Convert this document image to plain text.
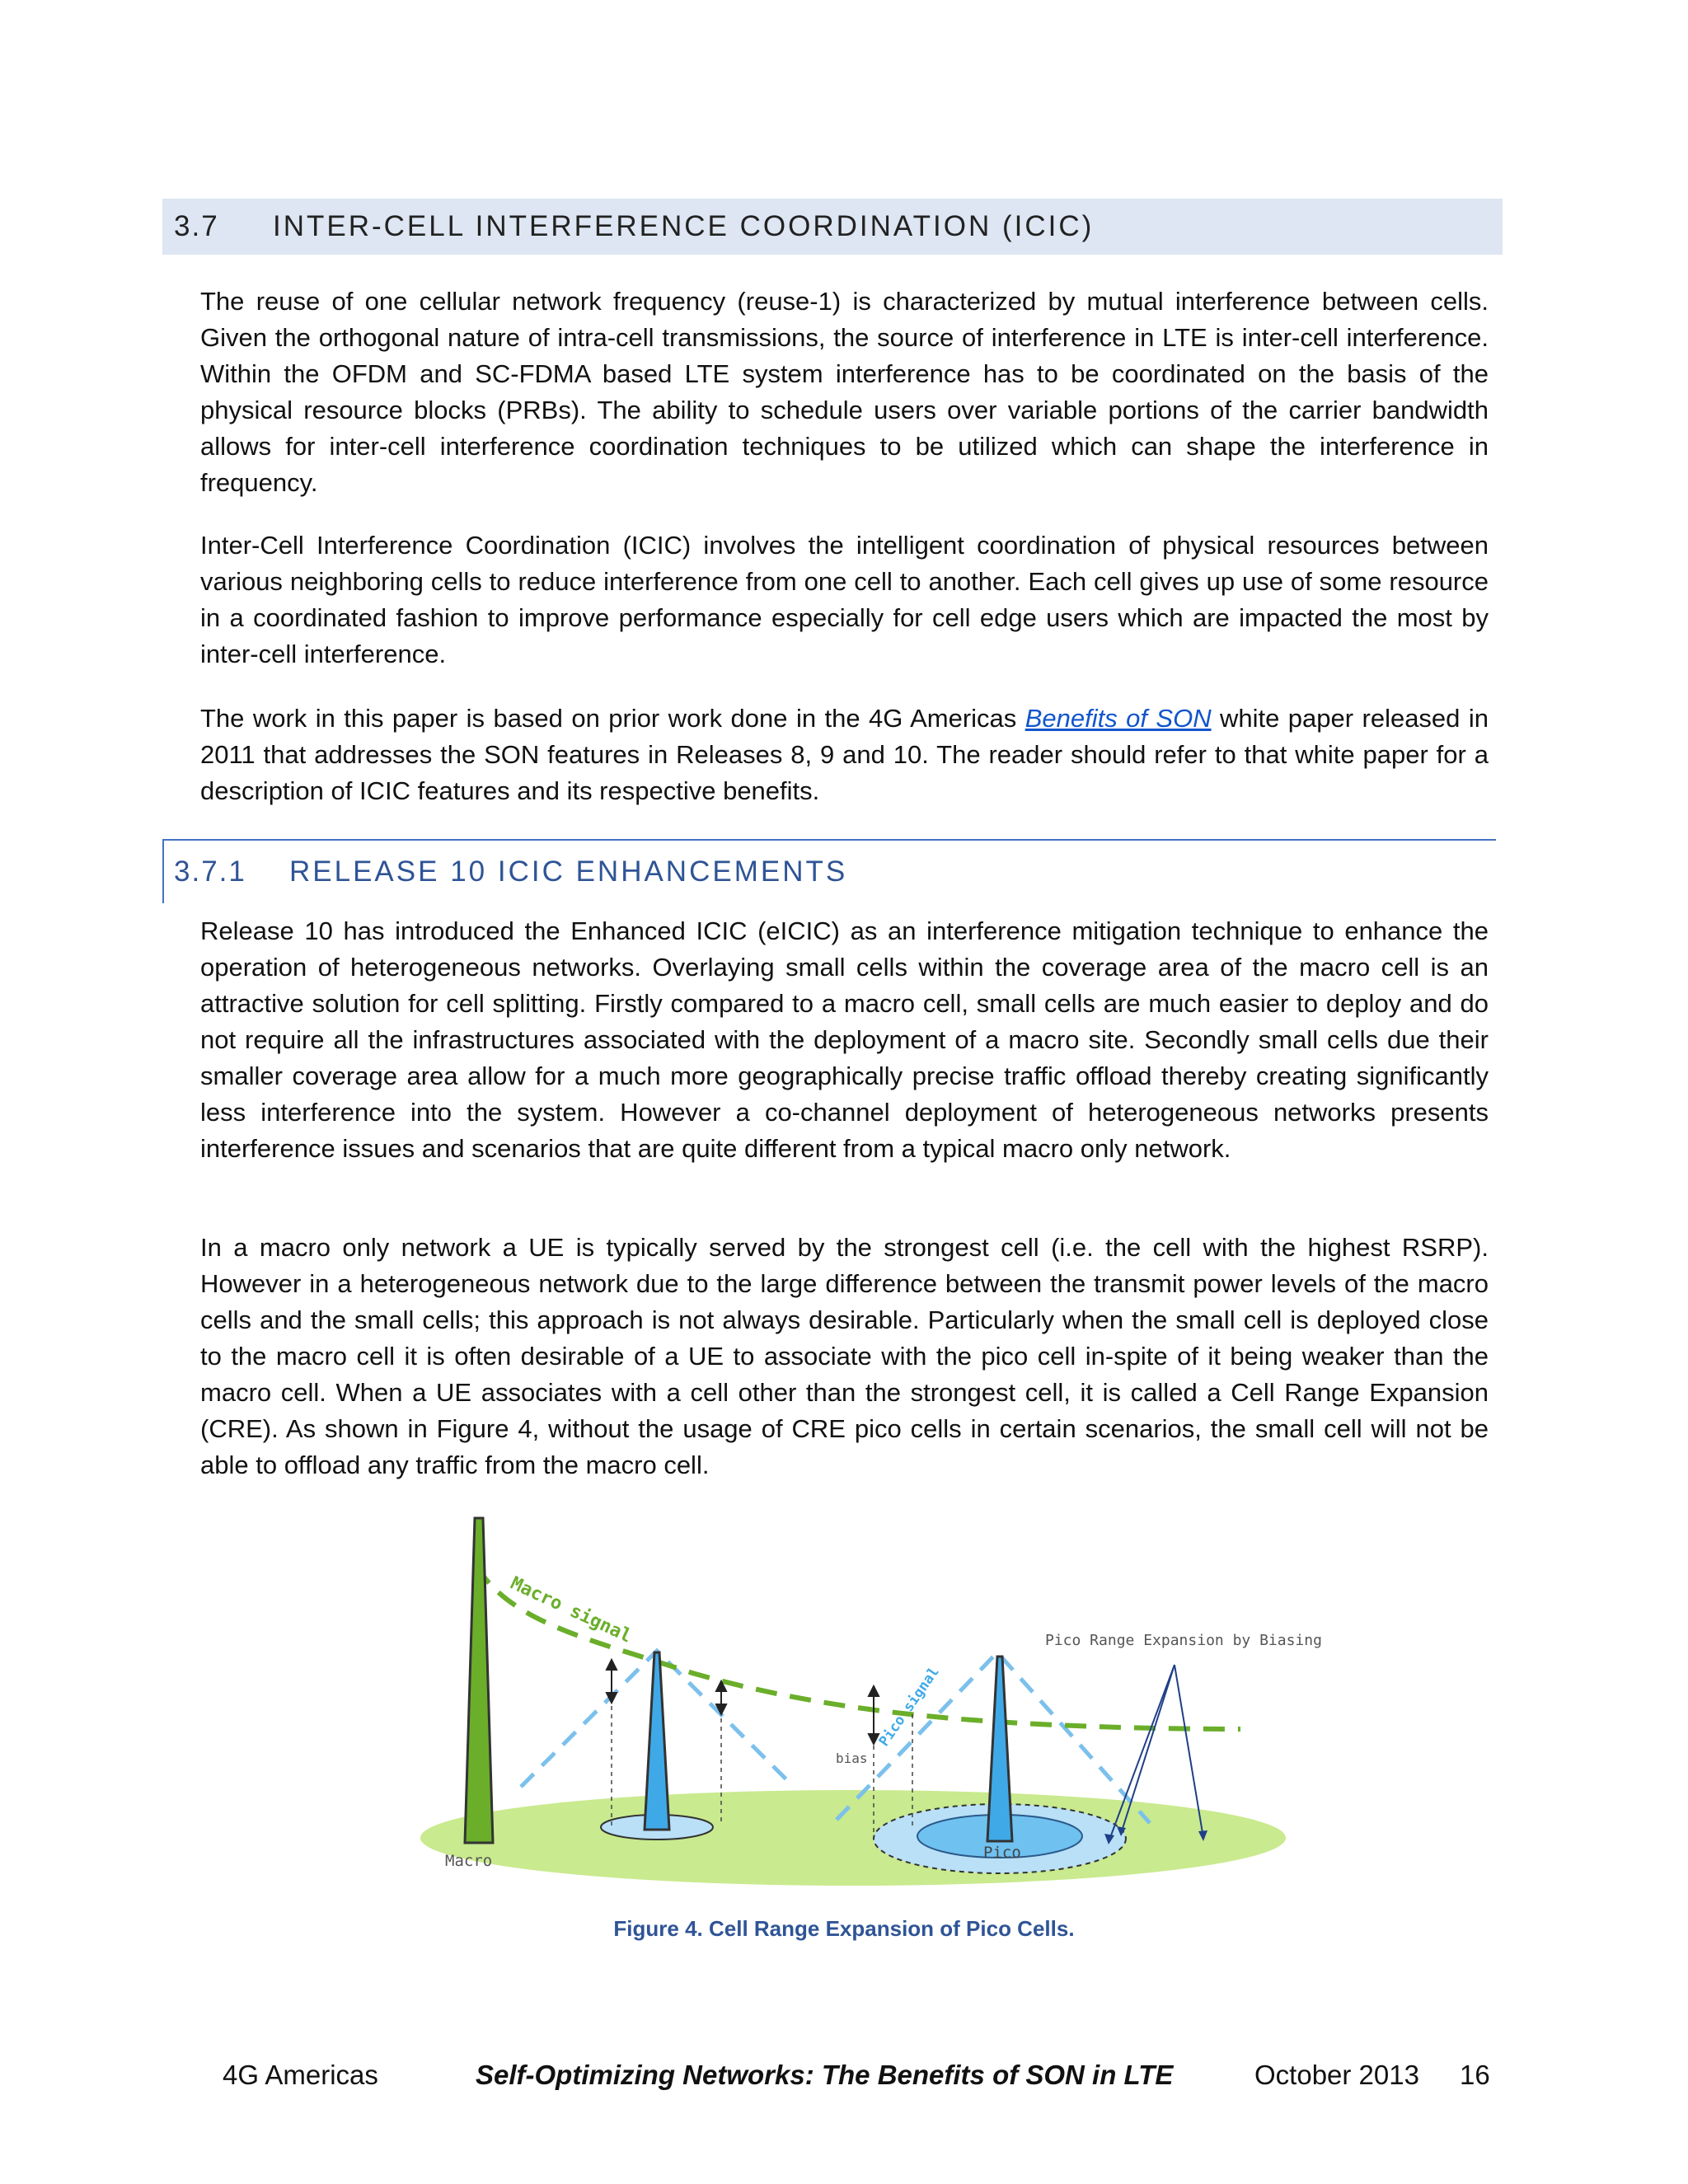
3.7	INTER-CELL INTERFERENCE COORDINATION (ICIC)

The reuse of one cellular network frequency (reuse-1) is characterized by mutual interference between cells. Given the orthogonal nature of intra-cell transmissions, the source of interference in LTE is inter-cell interference. Within the OFDM and SC-FDMA based LTE system interference has to be coordinated on the basis of the physical resource blocks (PRBs). The ability to schedule users over variable portions of the carrier bandwidth allows for inter-cell interference coordination techniques to be utilized which can shape the interference in frequency.

Inter-Cell Interference Coordination (ICIC) involves the intelligent coordination of physical resources between various neighboring cells to reduce interference from one cell to another. Each cell gives up use of some resource in a coordinated fashion to improve performance especially for cell edge users which are impacted the most by inter-cell interference.

The work in this paper is based on prior work done in the 4G Americas Benefits of SON white paper released in 2011 that addresses the SON features in Releases 8, 9 and 10. The reader should refer to that white paper for a description of ICIC features and its respective benefits.

3.7.1	RELEASE 10 ICIC ENHANCEMENTS

Release 10 has introduced the Enhanced ICIC (eICIC) as an interference mitigation technique to enhance the operation of heterogeneous networks. Overlaying small cells within the coverage area of the macro cell is an attractive solution for cell splitting. Firstly compared to a macro cell, small cells are much easier to deploy and do not require all the infrastructures associated with the deployment of a macro site. Secondly small cells due their smaller coverage area allow for a much more geographically precise traffic offload thereby creating significantly less interference into the system. However a co-channel deployment of heterogeneous networks presents interference issues and scenarios that are quite different from a typical macro only network.

In a macro only network a UE is typically served by the strongest cell (i.e. the cell with the highest RSRP). However in a heterogeneous network due to the large difference between the transmit power levels of the macro cells and the small cells; this approach is not always desirable. Particularly when the small cell is deployed close to the macro cell it is often desirable of a UE to associate with the pico cell in-spite of it being weaker than the macro cell. When a UE associates with a cell other than the strongest cell, it is called a Cell Range Expansion (CRE). As shown in Figure 4, without the usage of CRE pico cells in certain scenarios, the small cell will not be able to offload any traffic from the macro cell.

Macro signal
Pico signal
Pico Range Expansion by Biasing
bias
Macro	Pico
Figure 4. Cell Range Expansion of Pico Cells.
4G Americas	Self-Optimizing Networks: The Benefits of SON in LTE	October 2013 16
